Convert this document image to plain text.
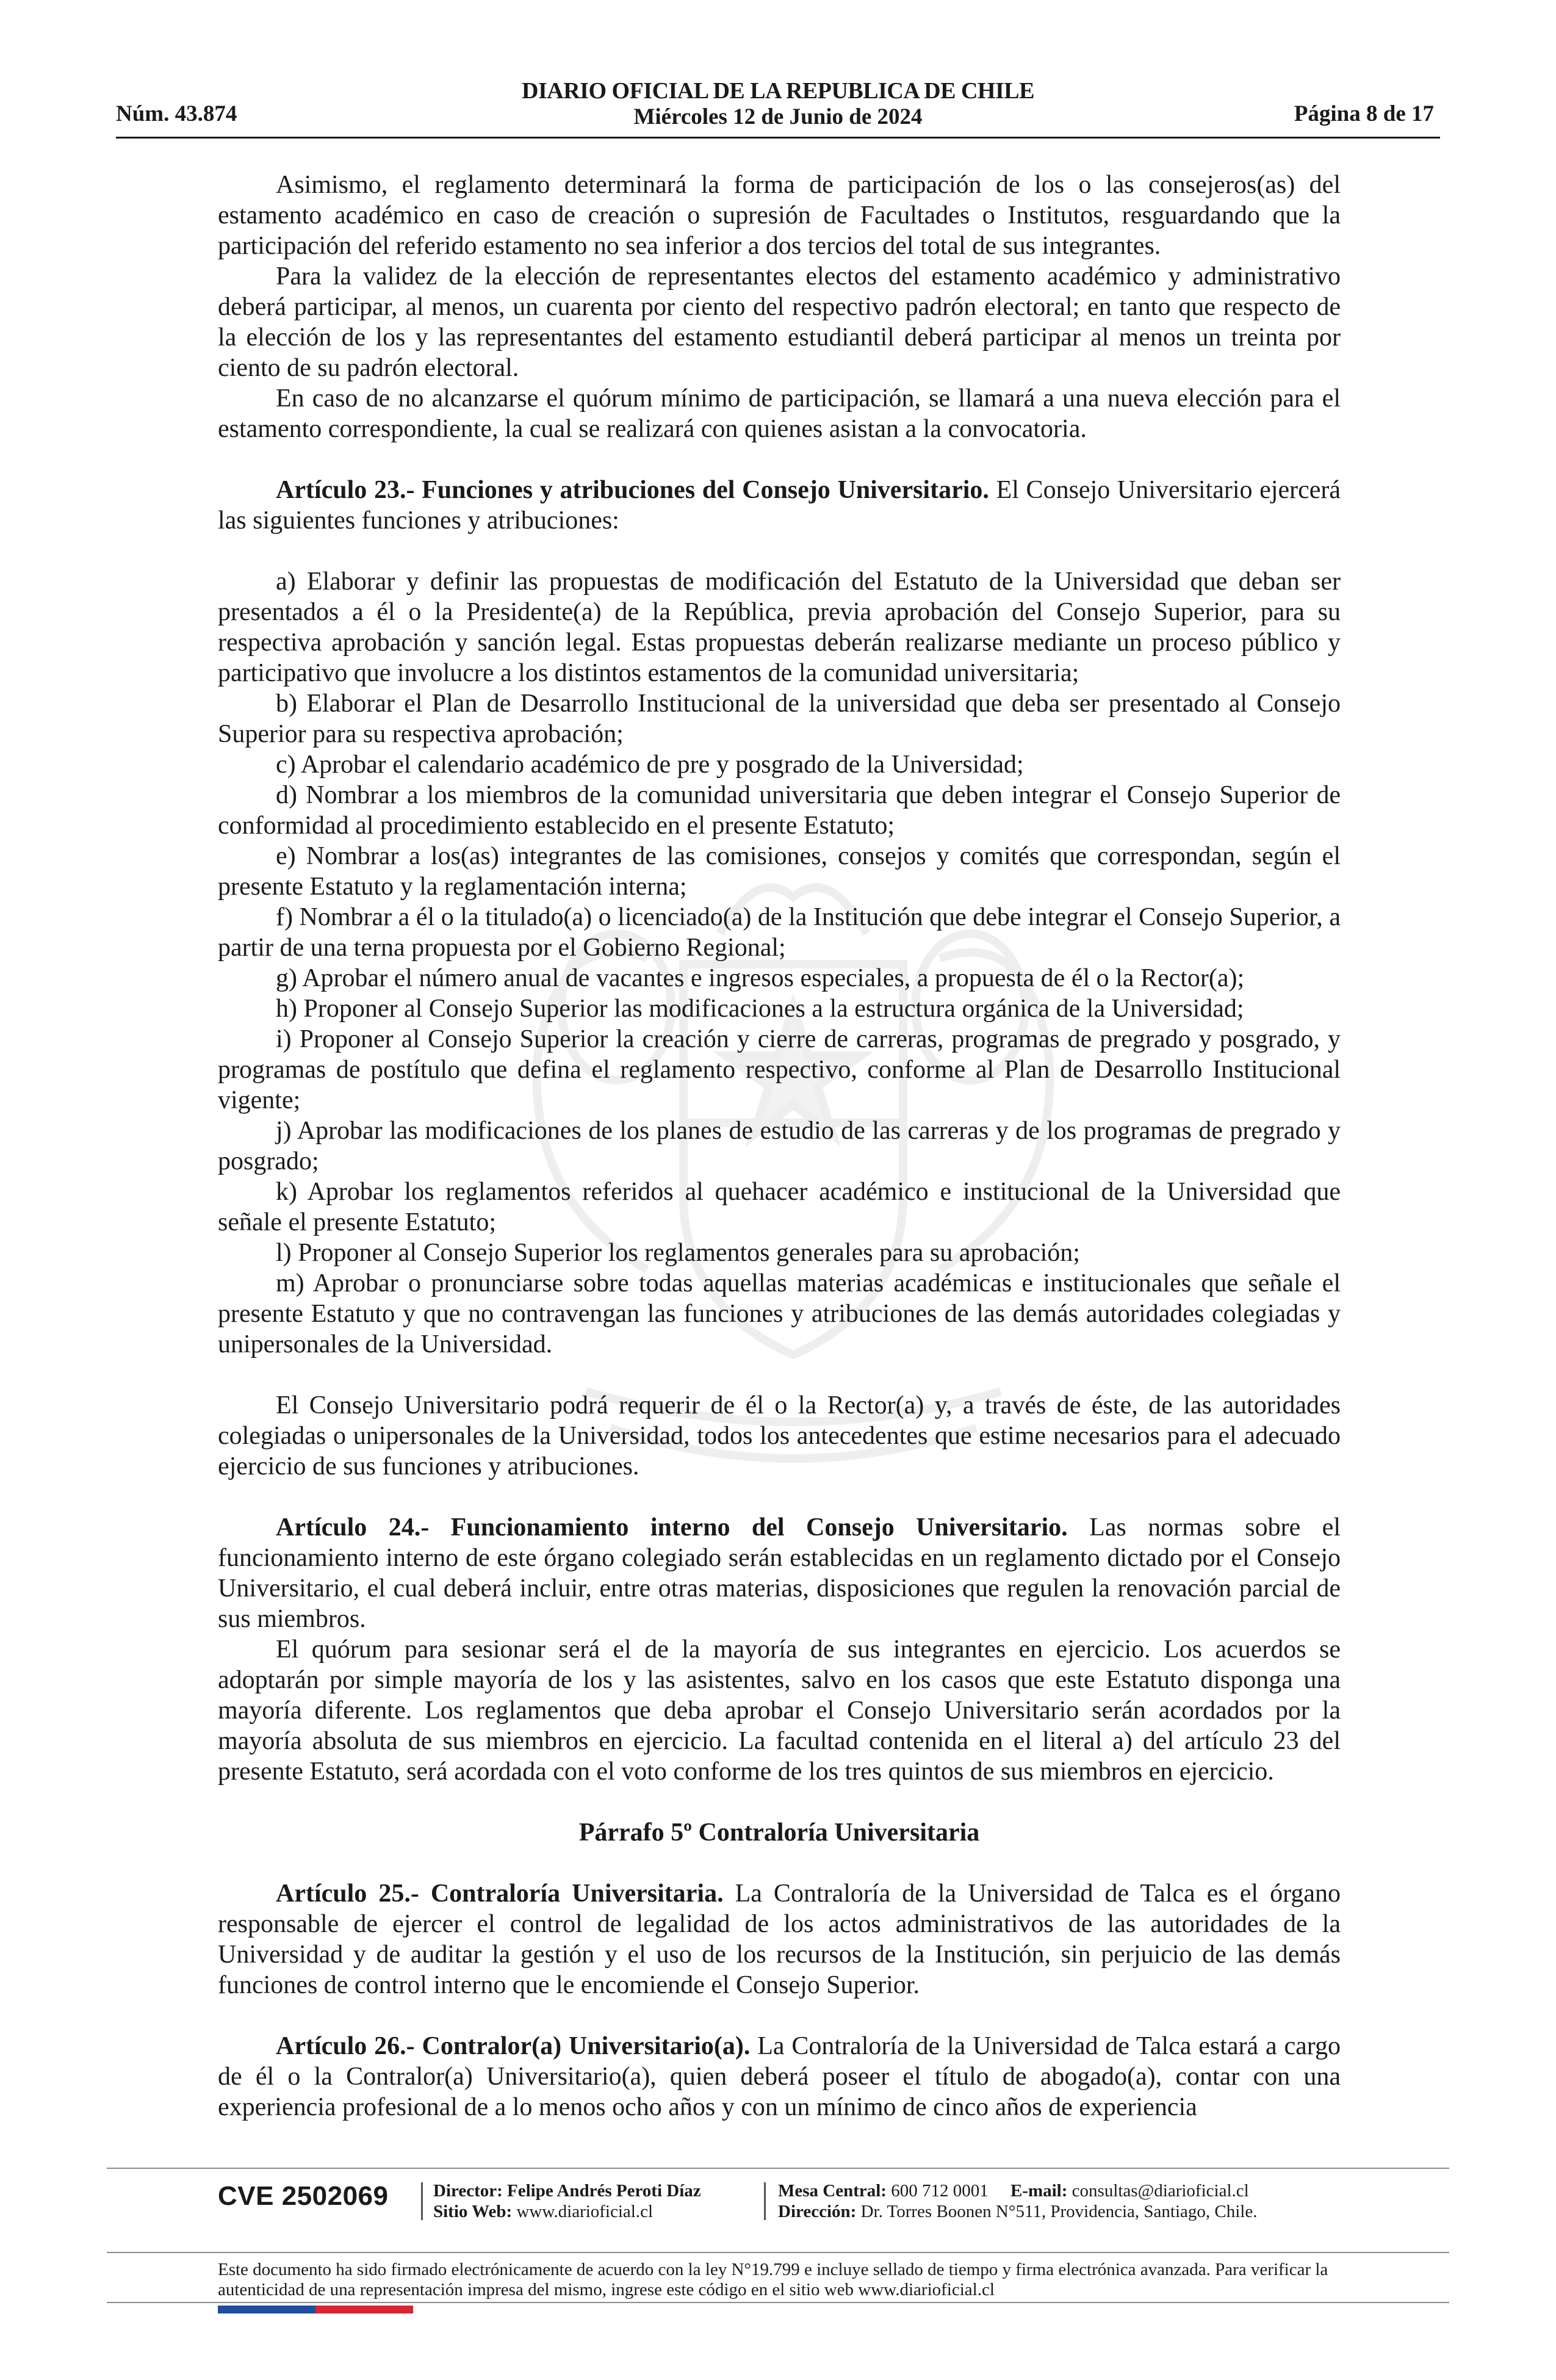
Núm. 43.874
DIARIO OFICIAL DE LA REPUBLICA DE CHILE
Miércoles 12 de Junio de 2024	Página 8 de 17

Asimismo, el reglamento determinará la forma de participación de los o las consejeros(as) del estamento académico en caso de creación o supresión de Facultades o Institutos, resguardando que la participación del referido estamento no sea inferior a dos tercios del total de sus integrantes.

Para la validez de la elección de representantes electos del estamento académico y administrativo deberá participar, al menos, un cuarenta por ciento del respectivo padrón electoral; en tanto que respecto de la elección de los y las representantes del estamento estudiantil deberá participar al menos un treinta por ciento de su padrón electoral.

En caso de no alcanzarse el quórum mínimo de participación, se llamará a una nueva elección para el estamento correspondiente, la cual se realizará con quienes asistan a la convocatoria.

Artículo 23.- Funciones y atribuciones del Consejo Universitario. El Consejo Universitario ejercerá las siguientes funciones y atribuciones:

a) Elaborar y definir las propuestas de modificación del Estatuto de la Universidad que deban ser presentados a él o la Presidente(a) de la República, previa aprobación del Consejo Superior, para su respectiva aprobación y sanción legal. Estas propuestas deberán realizarse mediante un proceso público y participativo que involucre a los distintos estamentos de la comunidad universitaria;

b) Elaborar el Plan de Desarrollo Institucional de la universidad que deba ser presentado al Consejo Superior para su respectiva aprobación;

c) Aprobar el calendario académico de pre y posgrado de la Universidad;

d) Nombrar a los miembros de la comunidad universitaria que deben integrar el Consejo Superior de conformidad al procedimiento establecido en el presente Estatuto;

e) Nombrar a los(as) integrantes de las comisiones, consejos y comités que correspondan, según el presente Estatuto y la reglamentación interna;

f) Nombrar a él o la titulado(a) o licenciado(a) de la Institución que debe integrar el Consejo Superior, a partir de una terna propuesta por el Gobierno Regional;

g) Aprobar el número anual de vacantes e ingresos especiales, a propuesta de él o la Rector(a);

h) Proponer al Consejo Superior las modificaciones a la estructura orgánica de la Universidad;

i) Proponer al Consejo Superior la creación y cierre de carreras, programas de pregrado y posgrado, y programas de postítulo que defina el reglamento respectivo, conforme al Plan de Desarrollo Institucional vigente;

j) Aprobar las modificaciones de los planes de estudio de las carreras y de los programas de pregrado y posgrado;

k) Aprobar los reglamentos referidos al quehacer académico e institucional de la Universidad que señale el presente Estatuto;

l) Proponer al Consejo Superior los reglamentos generales para su aprobación;

m) Aprobar o pronunciarse sobre todas aquellas materias académicas e institucionales que señale el presente Estatuto y que no contravengan las funciones y atribuciones de las demás autoridades colegiadas y unipersonales de la Universidad.

El Consejo Universitario podrá requerir de él o la Rector(a) y, a través de éste, de las autoridades colegiadas o unipersonales de la Universidad, todos los antecedentes que estime necesarios para el adecuado ejercicio de sus funciones y atribuciones.

Artículo 24.- Funcionamiento interno del Consejo Universitario. Las normas sobre el funcionamiento interno de este órgano colegiado serán establecidas en un reglamento dictado por el Consejo Universitario, el cual deberá incluir, entre otras materias, disposiciones que regulen la renovación parcial de sus miembros.

El quórum para sesionar será el de la mayoría de sus integrantes en ejercicio. Los acuerdos se adoptarán por simple mayoría de los y las asistentes, salvo en los casos que este Estatuto disponga una mayoría diferente. Los reglamentos que deba aprobar el Consejo Universitario serán acordados por la mayoría absoluta de sus miembros en ejercicio. La facultad contenida en el literal a) del artículo 23 del presente Estatuto, será acordada con el voto conforme de los tres quintos de sus miembros en ejercicio.

Párrafo 5º Contraloría Universitaria

Artículo 25.- Contraloría Universitaria. La Contraloría de la Universidad de Talca es el órgano responsable de ejercer el control de legalidad de los actos administrativos de las autoridades de la Universidad y de auditar la gestión y el uso de los recursos de la Institución, sin perjuicio de las demás funciones de control interno que le encomiende el Consejo Superior.

Artículo 26.- Contralor(a) Universitario(a). La Contraloría de la Universidad de Talca estará a cargo de él o la Contralor(a) Universitario(a), quien deberá poseer el título de abogado(a), contar con una experiencia profesional de a lo menos ocho años y con un mínimo de cinco años de experiencia

CVE 2502069	Director: Felipe Andrés Peroti Díaz
Sitio Web: www.diarioficial.cl
Mesa Central: 600 712 0001 E-mail: consultas@diarioficial.cl
Dirección: Dr. Torres Boonen N°511, Providencia, Santiago, Chile.
Este documento ha sido firmado electrónicamente de acuerdo con la ley N°19.799 e incluye sellado de tiempo y firma electrónica avanzada. Para verificar la autenticidad de una representación impresa del mismo, ingrese este código en el sitio web www.diarioficial.cl
